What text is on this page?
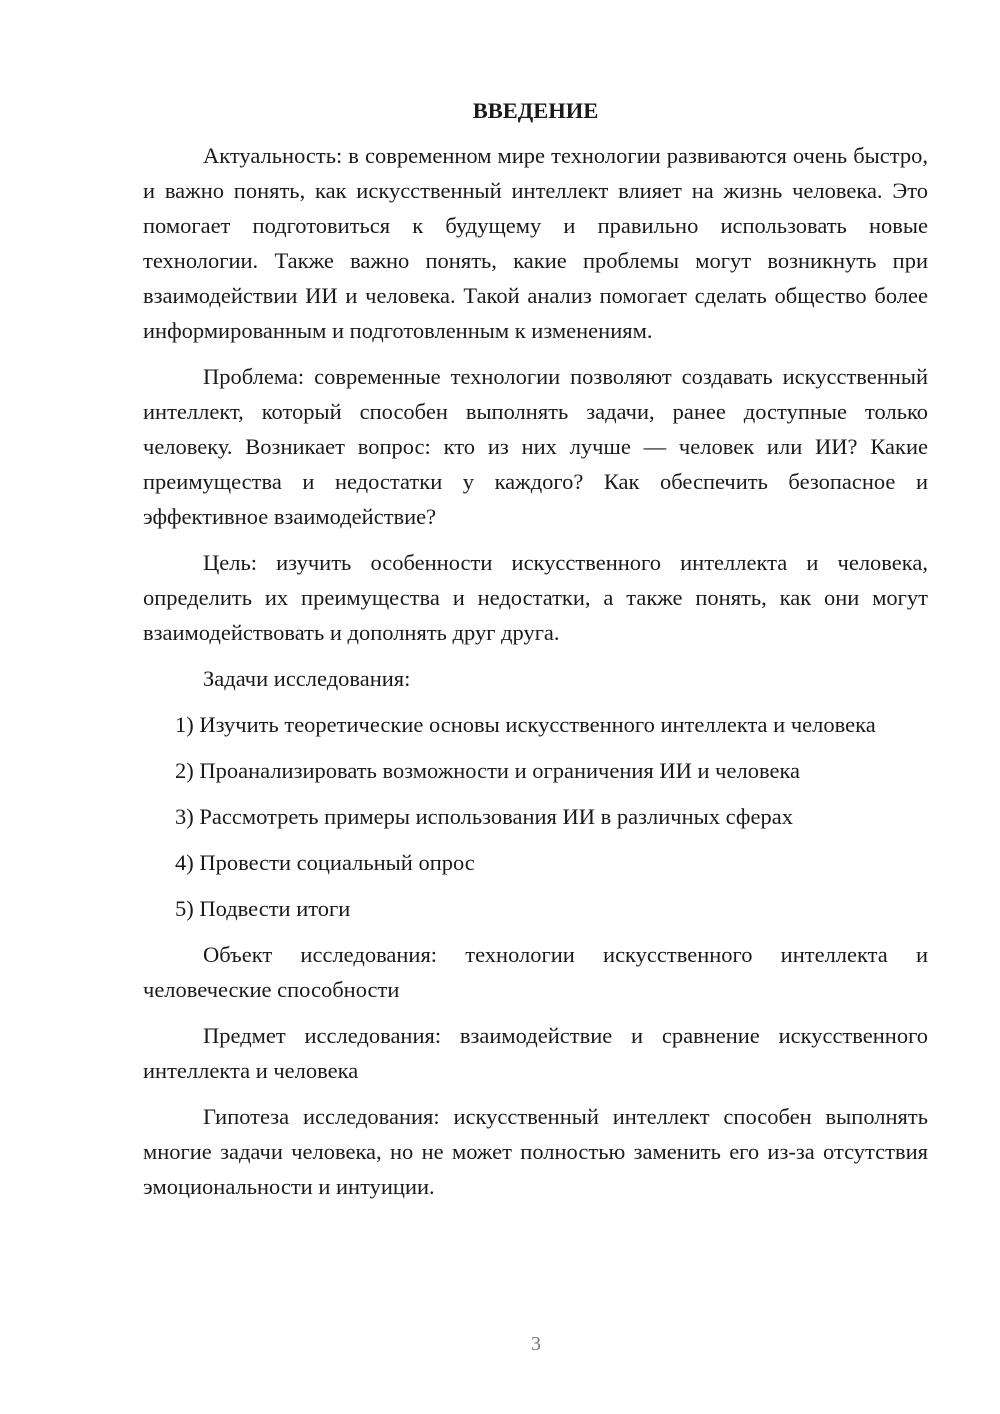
ВВЕДЕНИЕ

Актуальность: в современном мире технологии развиваются очень быстро, и важно понять, как искусственный интеллект влияет на жизнь человека. Это помогает подготовиться к будущему и правильно использовать новые технологии. Также важно понять, какие проблемы могут возникнуть при взаимодействии ИИ и человека. Такой анализ помогает сделать общество более информированным и подготовленным к изменениям.

Проблема: современные технологии позволяют создавать искусственный интеллект, который способен выполнять задачи, ранее доступные только человеку. Возникает вопрос: кто из них лучше — человек или ИИ? Какие преимущества и недостатки у каждого? Как обеспечить безопасное и эффективное взаимодействие?

Цель: изучить особенности искусственного интеллекта и человека, определить их преимущества и недостатки, а также понять, как они могут взаимодействовать и дополнять друг друга.

Задачи исследования:

1) Изучить теоретические основы искусственного интеллекта и человека

2) Проанализировать возможности и ограничения ИИ и человека

3) Рассмотреть примеры использования ИИ в различных сферах

4) Провести социальный опрос

5) Подвести итоги

Объект исследования: технологии искусственного интеллекта и человеческие способности

Предмет исследования: взаимодействие и сравнение искусственного интеллекта и человека

Гипотеза исследования: искусственный интеллект способен выполнять многие задачи человека, но не может полностью заменить его из-за отсутствия эмоциональности и интуиции.

3
